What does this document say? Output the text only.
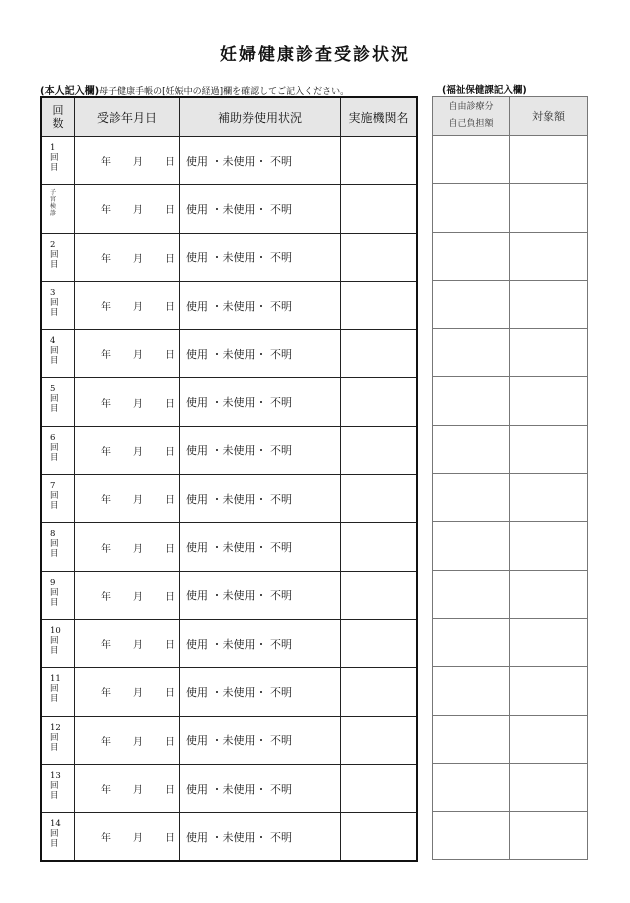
妊婦健康診査受診状況
(本人記入欄)母子健康手帳の[妊娠中の経過]欄を確認してご記入ください。	(福祉保健課記入欄)
回
数	受診年月日	補助券使用状況	実施機関名

1
回
目	年 月 日	使用 ・未使用・ 不明	

子
宮
検
診	年 月 日	使用 ・未使用・ 不明	

2
回
目	年 月 日	使用 ・未使用・ 不明	

3
回
目	年 月 日	使用 ・未使用・ 不明	

4
回
目	年 月 日	使用 ・未使用・ 不明	

5
回
目	年 月 日	使用 ・未使用・ 不明	

6
回
目	年 月 日	使用 ・未使用・ 不明	

7
回
目	年 月 日	使用 ・未使用・ 不明	

8
回
目	年 月 日	使用 ・未使用・ 不明	

9
回
目	年 月 日	使用 ・未使用・ 不明	

10
回
目	年 月 日	使用 ・未使用・ 不明	

11
回
目	年 月 日	使用 ・未使用・ 不明	

12
回
目	年 月 日	使用 ・未使用・ 不明	

13
回
目	年 月 日	使用 ・未使用・ 不明	

14
回
目	年 月 日	使用 ・未使用・ 不明	
自由診療分
自己負担額	対象額
